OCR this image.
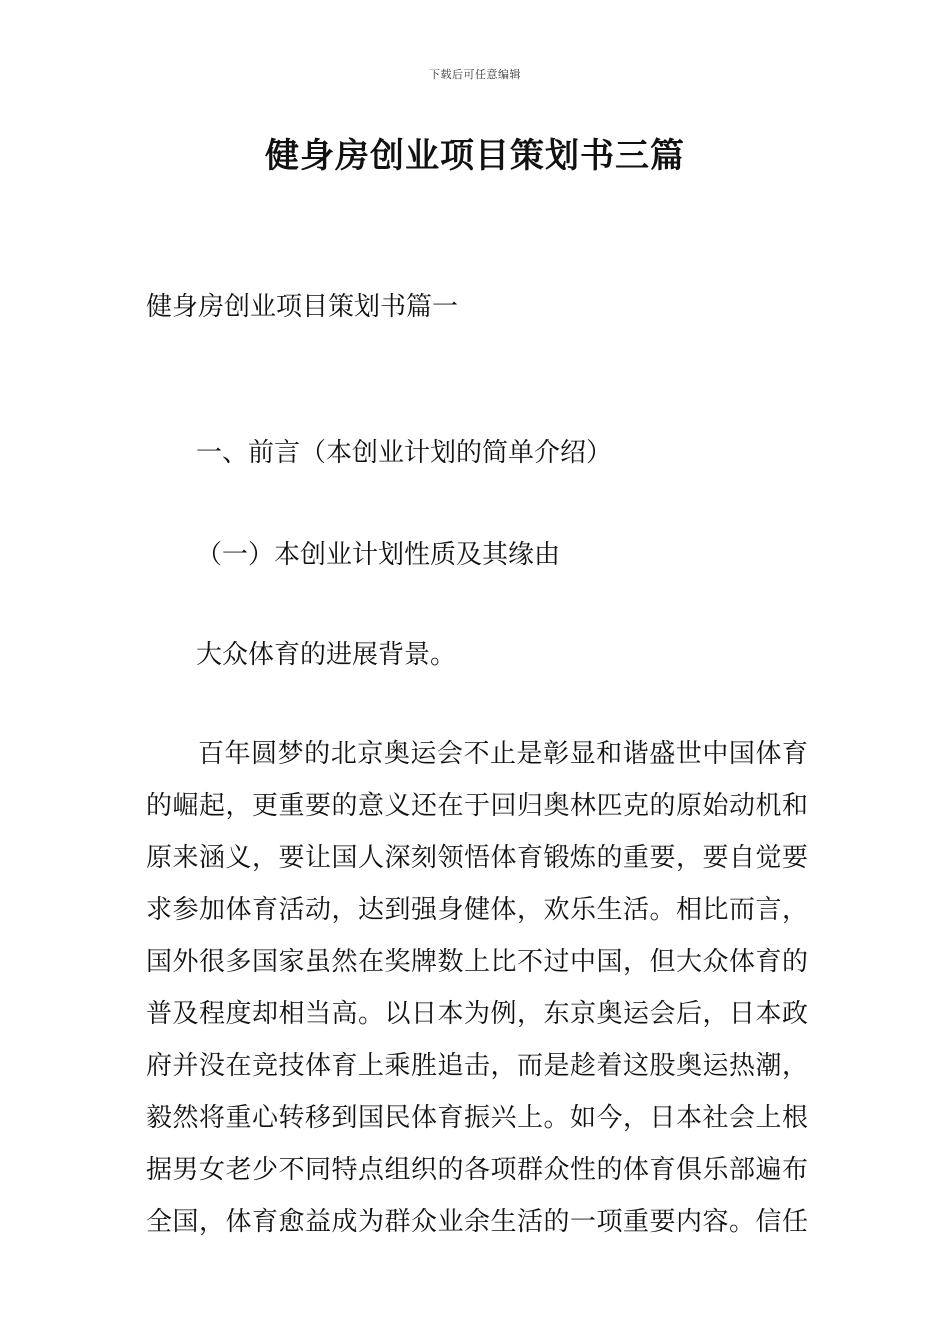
下载后可任意编辑
健身房创业项目策划书三篇

健身房创业项目策划书篇一

一、前言（本创业计划的简单介绍）

（一）本创业计划性质及其缘由

大众体育的进展背景。

百年圆梦的北京奥运会不止是彰显和谐盛世中国体育
的崛起，更重要的意义还在于回归奥林匹克的原始动机和
原来涵义，要让国人深刻领悟体育锻炼的重要，要自觉要
求参加体育活动，达到强身健体，欢乐生活。相比而言，
国外很多国家虽然在奖牌数上比不过中国，但大众体育的
普及程度却相当高。以日本为例，东京奥运会后，日本政
府并没在竞技体育上乘胜追击，而是趁着这股奥运热潮，
毅然将重心转移到国民体育振兴上。如今，日本社会上根
据男女老少不同特点组织的各项群众性的体育俱乐部遍布
全国，体育愈益成为群众业余生活的一项重要内容。信任
